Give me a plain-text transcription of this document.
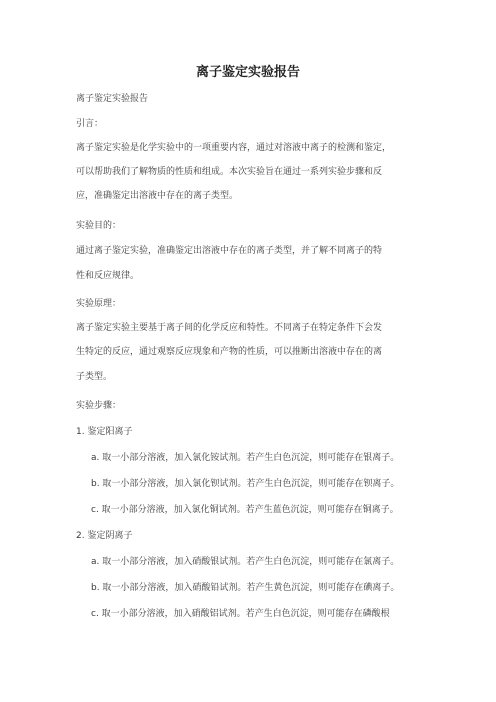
离子鉴定实验报告
离子鉴定实验报告
引言：
离子鉴定实验是化学实验中的一项重要内容，通过对溶液中离子的检测和鉴定，
可以帮助我们了解物质的性质和组成。本次实验旨在通过一系列实验步骤和反
应，准确鉴定出溶液中存在的离子类型。
实验目的：
通过离子鉴定实验，准确鉴定出溶液中存在的离子类型，并了解不同离子的特
性和反应规律。
实验原理：
离子鉴定实验主要基于离子间的化学反应和特性。不同离子在特定条件下会发
生特定的反应，通过观察反应现象和产物的性质，可以推断出溶液中存在的离
子类型。
实验步骤：
1. 鉴定阳离子
a. 取一小部分溶液，加入氯化铵试剂。若产生白色沉淀，则可能存在银离子。
b. 取一小部分溶液，加入氯化钡试剂。若产生白色沉淀，则可能存在钡离子。
c. 取一小部分溶液，加入氯化铜试剂。若产生蓝色沉淀，则可能存在铜离子。
2. 鉴定阴离子
a. 取一小部分溶液，加入硝酸银试剂。若产生白色沉淀，则可能存在氯离子。
b. 取一小部分溶液，加入硝酸铅试剂。若产生黄色沉淀，则可能存在碘离子。
c. 取一小部分溶液，加入硝酸铝试剂。若产生白色沉淀，则可能存在磷酸根
